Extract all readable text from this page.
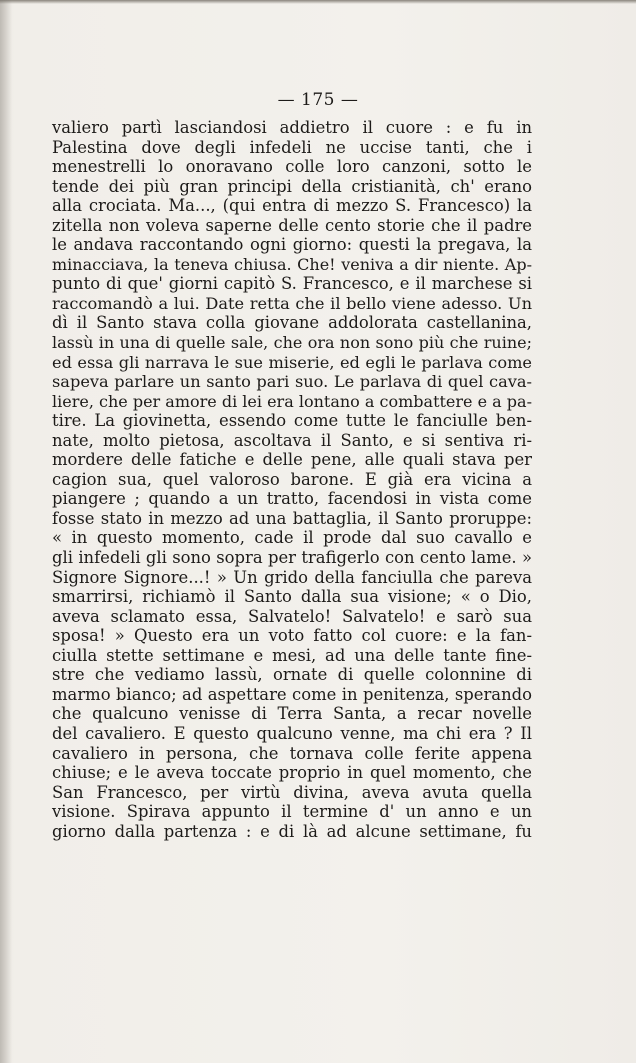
— 175 —
valiero partì lasciandosi addietro il cuore : e fu in
Palestina dove degli infedeli ne uccise tanti, che i
menestrelli lo onoravano colle loro canzoni, sotto le
tende dei più gran principi della cristianità, ch' erano
alla crociata. Ma..., (qui entra di mezzo S. Francesco) la
zitella non voleva saperne delle cento storie che il padre
le andava raccontando ogni giorno: questi la pregava, la
minacciava, la teneva chiusa. Che! veniva a dir niente. Ap-
punto di que' giorni capitò S. Francesco, e il marchese si
raccomandò a lui. Date retta che il bello viene adesso. Un
dì il Santo stava colla giovane addolorata castellanina,
lassù in una di quelle sale, che ora non sono più che ruine;
ed essa gli narrava le sue miserie, ed egli le parlava come
sapeva parlare un santo pari suo. Le parlava di quel cava-
liere, che per amore di lei era lontano a combattere e a pa-
tire. La giovinetta, essendo come tutte le fanciulle ben-
nate, molto pietosa, ascoltava il Santo, e si sentiva ri-
mordere delle fatiche e delle pene, alle quali stava per
cagion sua, quel valoroso barone. E già era vicina a
piangere ; quando a un tratto, facendosi in vista come
fosse stato in mezzo ad una battaglia, il Santo proruppe:
« in questo momento, cade il prode dal suo cavallo e
gli infedeli gli sono sopra per trafigerlo con cento lame. »
Signore Signore...! » Un grido della fanciulla che pareva
smarrirsi, richiamò il Santo dalla sua visione; « o Dio,
aveva sclamato essa, Salvatelo! Salvatelo! e sarò sua
sposa! » Questo era un voto fatto col cuore: e la fan-
ciulla stette settimane e mesi, ad una delle tante fine-
stre che vediamo lassù, ornate di quelle colonnine di
marmo bianco; ad aspettare come in penitenza, sperando
che qualcuno venisse di Terra Santa, a recar novelle
del cavaliero. E questo qualcuno venne, ma chi era ? Il
cavaliero in persona, che tornava colle ferite appena
chiuse; e le aveva toccate proprio in quel momento, che
San Francesco, per virtù divina, aveva avuta quella
visione. Spirava appunto il termine d' un anno e un
giorno dalla partenza : e di là ad alcune settimane, fu
